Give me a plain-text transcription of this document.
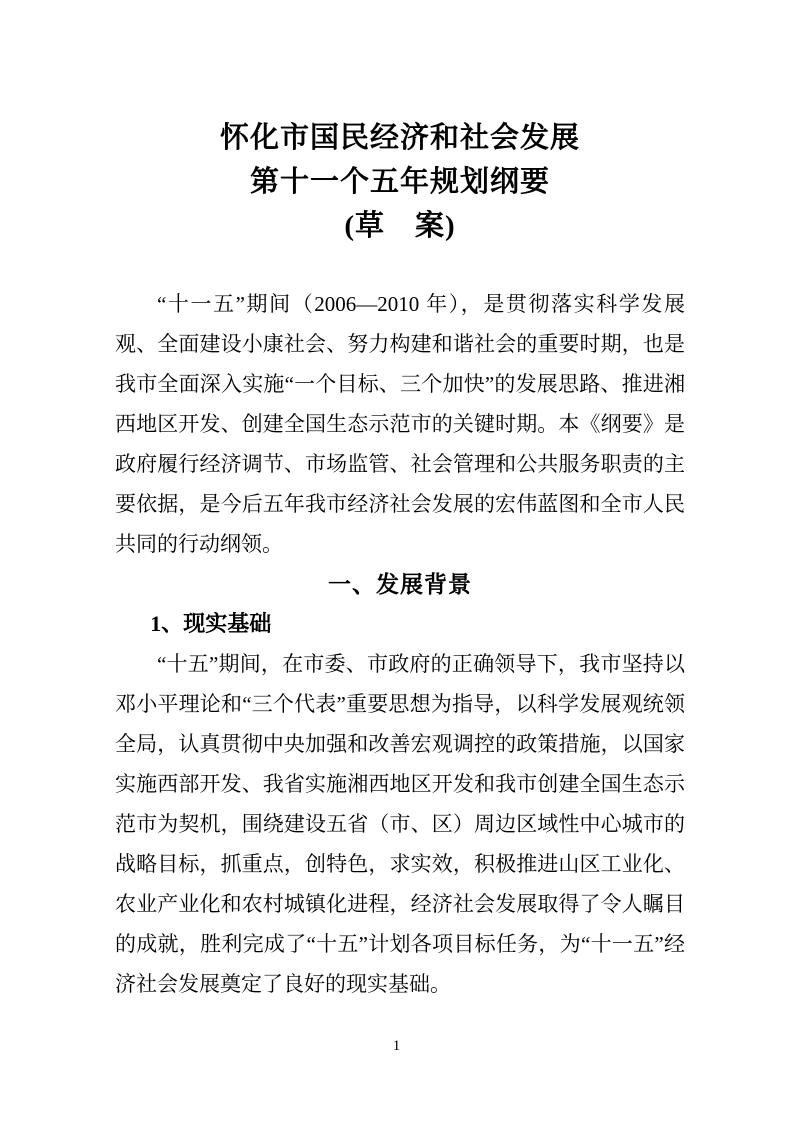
怀化市国民经济和社会发展
第十一个五年规划纲要
(草　案)

“十一五”期间（2006—2010 年），是贯彻落实科学发展观、全面建设小康社会、努力构建和谐社会的重要时期，也是我市全面深入实施“一个目标、三个加快”的发展思路、推进湘西地区开发、创建全国生态示范市的关键时期。本《纲要》是政府履行经济调节、市场监管、社会管理和公共服务职责的主要依据，是今后五年我市经济社会发展的宏伟蓝图和全市人民共同的行动纲领。

一、发展背景
1、现实基础

“十五”期间，在市委、市政府的正确领导下，我市坚持以邓小平理论和“三个代表”重要思想为指导，以科学发展观统领全局，认真贯彻中央加强和改善宏观调控的政策措施，以国家实施西部开发、我省实施湘西地区开发和我市创建全国生态示范市为契机，围绕建设五省（市、区）周边区域性中心城市的战略目标，抓重点，创特色，求实效，积极推进山区工业化、农业产业化和农村城镇化进程，经济社会发展取得了令人瞩目的成就，胜利完成了“十五”计划各项目标任务，为“十一五”经济社会发展奠定了良好的现实基础。

1
